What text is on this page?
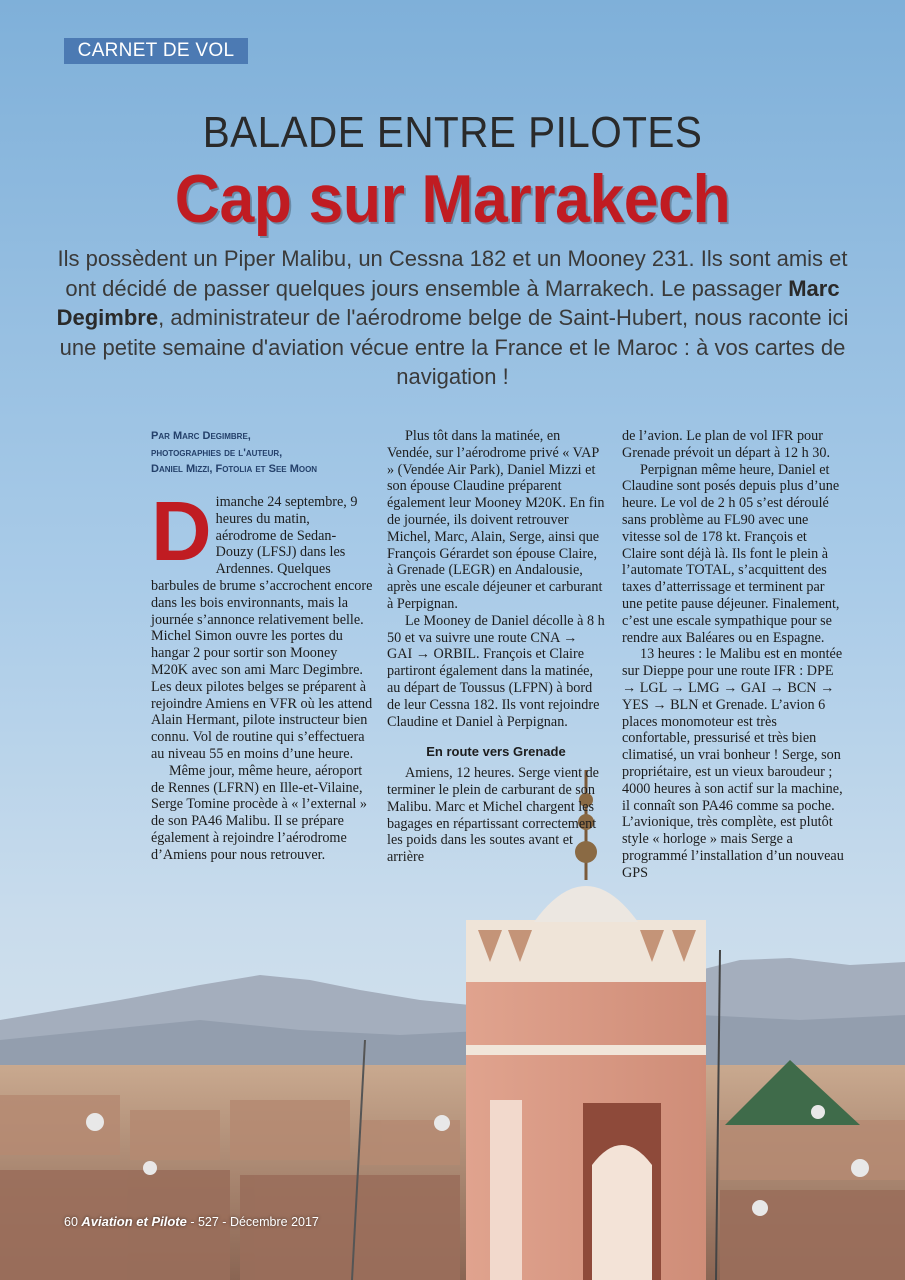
CARNET DE VOL
BALADE ENTRE PILOTES
Cap sur Marrakech
Ils possèdent un Piper Malibu, un Cessna 182 et un Mooney 231. Ils sont amis et ont décidé de passer quelques jours ensemble à Marrakech. Le passager Marc Degimbre, administrateur de l'aérodrome belge de Saint-Hubert, nous raconte ici une petite semaine d'aviation vécue entre la France et le Maroc : à vos cartes de navigation !
Par Marc Degimbre,
photographies de l'auteur,
Daniel Mizzi, Fotolia et See Moon
D imanche 24 septembre, 9 heures du matin, aérodrome de Sedan-Douzy (LFSJ) dans les Ardennes. Quelques barbules de brume s’accrochent encore dans les bois environnants, mais la journée s’annonce relativement belle. Michel Simon ouvre les portes du hangar 2 pour sortir son Mooney M20K avec son ami Marc Degimbre. Les deux pilotes belges se préparent à rejoindre Amiens en VFR où les attend Alain Hermant, pilote instructeur bien connu. Vol de routine qui s’effectuera au niveau 55 en moins d’une heure.

Même jour, même heure, aéroport de Rennes (LFRN) en Ille-et-Vilaine, Serge Tomine procède à « l’external » de son PA46 Malibu. Il se prépare également à rejoindre l’aérodrome d’Amiens pour nous retrouver.

Plus tôt dans la matinée, en Vendée, sur l’aérodrome privé « VAP » (Vendée Air Park), Daniel Mizzi et son épouse Claudine préparent également leur Mooney M20K. En fin de journée, ils doivent retrouver Michel, Marc, Alain, Serge, ainsi que François Gérardet son épouse Claire, à Grenade (LEGR) en Andalousie, après une escale déjeuner et carburant à Perpignan.

Le Mooney de Daniel décolle à 8 h 50 et va suivre une route CNA → GAI → ORBIL. François et Claire partiront également dans la matinée, au départ de Toussus (LFPN) à bord de leur Cessna 182. Ils vont rejoindre Claudine et Daniel à Perpignan.

En route vers Grenade

Amiens, 12 heures. Serge vient de terminer le plein de carburant de son Malibu. Marc et Michel chargent les bagages en répartissant correctement les poids dans les soutes avant et arrière

de l’avion. Le plan de vol IFR pour Grenade prévoit un départ à 12 h 30.

Perpignan même heure, Daniel et Claudine sont posés depuis plus d’une heure. Le vol de 2 h 05 s’est déroulé sans problème au FL90 avec une vitesse sol de 178 kt. François et Claire sont déjà là. Ils font le plein à l’automate TOTAL, s’acquittent des taxes d’atterrissage et terminent par une petite pause déjeuner. Finalement, c’est une escale sympathique pour se rendre aux Baléares ou en Espagne.

13 heures : le Malibu est en montée sur Dieppe pour une route IFR : DPE → LGL → LMG → GAI → BCN → YES → BLN et Grenade. L’avion 6 places monomoteur est très confortable, pressurisé et très bien climatisé, un vrai bonheur ! Serge, son propriétaire, est un vieux baroudeur ; 4000 heures à son actif sur la machine, il connaît son PA46 comme sa poche. L’avionique, très complète, est plutôt style « horloge » mais Serge a programmé l’installation d’un nouveau GPS

60 Aviation et Pilote - 527 - Décembre 2017
